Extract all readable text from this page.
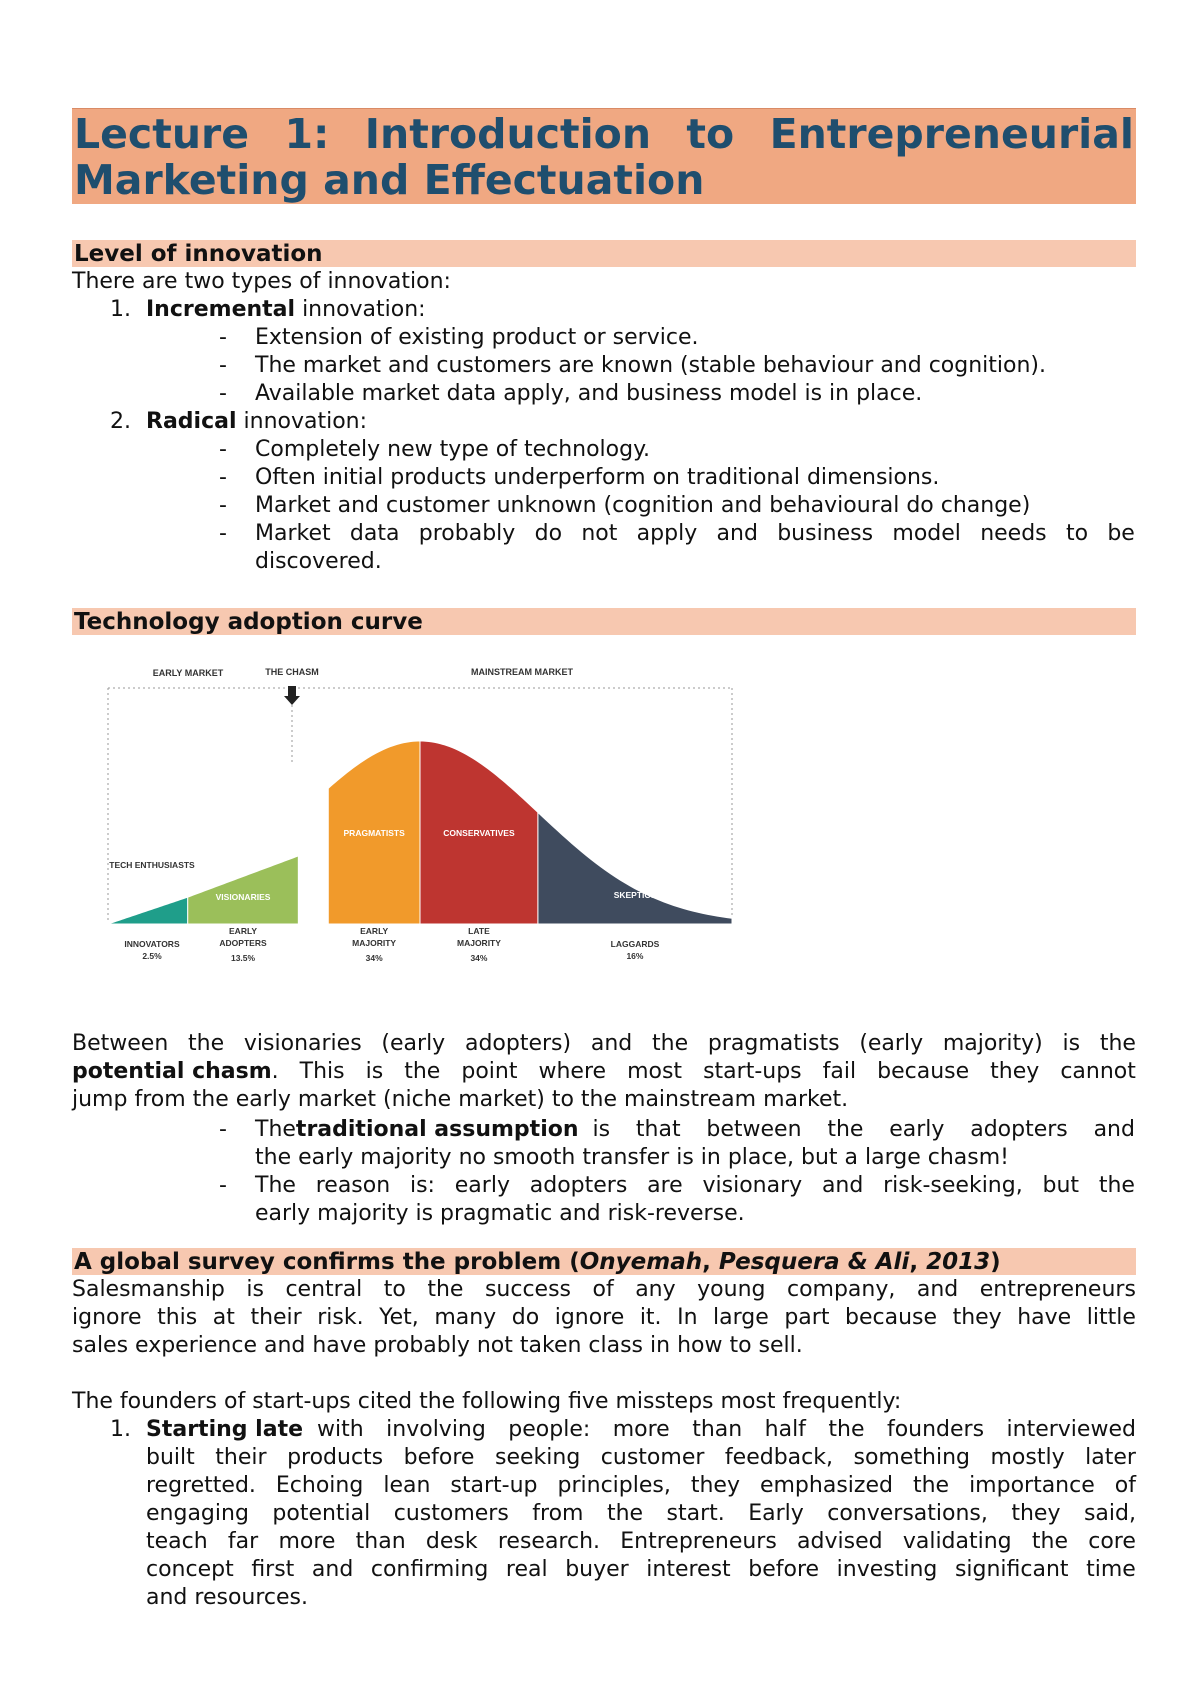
Lecture 1: Introduction to Entrepreneurial
Marketing and Effectuation
Level of innovation
There are two types of innovation:
1. Incremental innovation:
- Extension of existing product or service.
- The market and customers are known (stable behaviour and cognition).
- Available market data apply, and business model is in place.
2. Radical innovation:
- Completely new type of technology.
- Often initial products underperform on traditional dimensions.
- Market and customer unknown (cognition and behavioural do change)
- Market data probably do not apply and business model needs to be
discovered.
Technology adoption curve
EARLY MARKET	THE CHASM	MAINSTREAM MARKET
TECH ENTHUSIASTS
INNOVATORS
2.5%
VISIONARIES
EARLY
ADOPTERS
13.5%
PRAGMATISTS
EARLY
MAJORITY
34%
CONSERVATIVES
LATE
MAJORITY
34%
SKEPTICS
LAGGARDS
16%
Between the visionaries (early adopters) and the pragmatists (early majority) is the
potential chasm . This is the point where most start-ups fail because they cannot
jump from the early market (niche market) to the mainstream market.
- The traditional assumption is that between the early adopters and
the early majority no smooth transfer is in place, but a large chasm!
- The reason is: early adopters are visionary and risk-seeking, but the
early majority is pragmatic and risk-reverse.
A global survey confirms the problem (Onyemah, Pesquera & Ali, 2013)
Salesmanship is central to the success of any young company, and entrepreneurs
ignore this at their risk. Yet, many do ignore it. In large part because they have little
sales experience and have probably not taken class in how to sell.
The founders of start-ups cited the following five missteps most frequently:
1. Starting late with involving people: more than half the founders interviewed
built their products before seeking customer feedback, something mostly later
regretted. Echoing lean start-up principles, they emphasized the importance of
engaging potential customers from the start. Early conversations, they said,
teach far more than desk research. Entrepreneurs advised validating the core
concept first and confirming real buyer interest before investing significant time
and resources.
